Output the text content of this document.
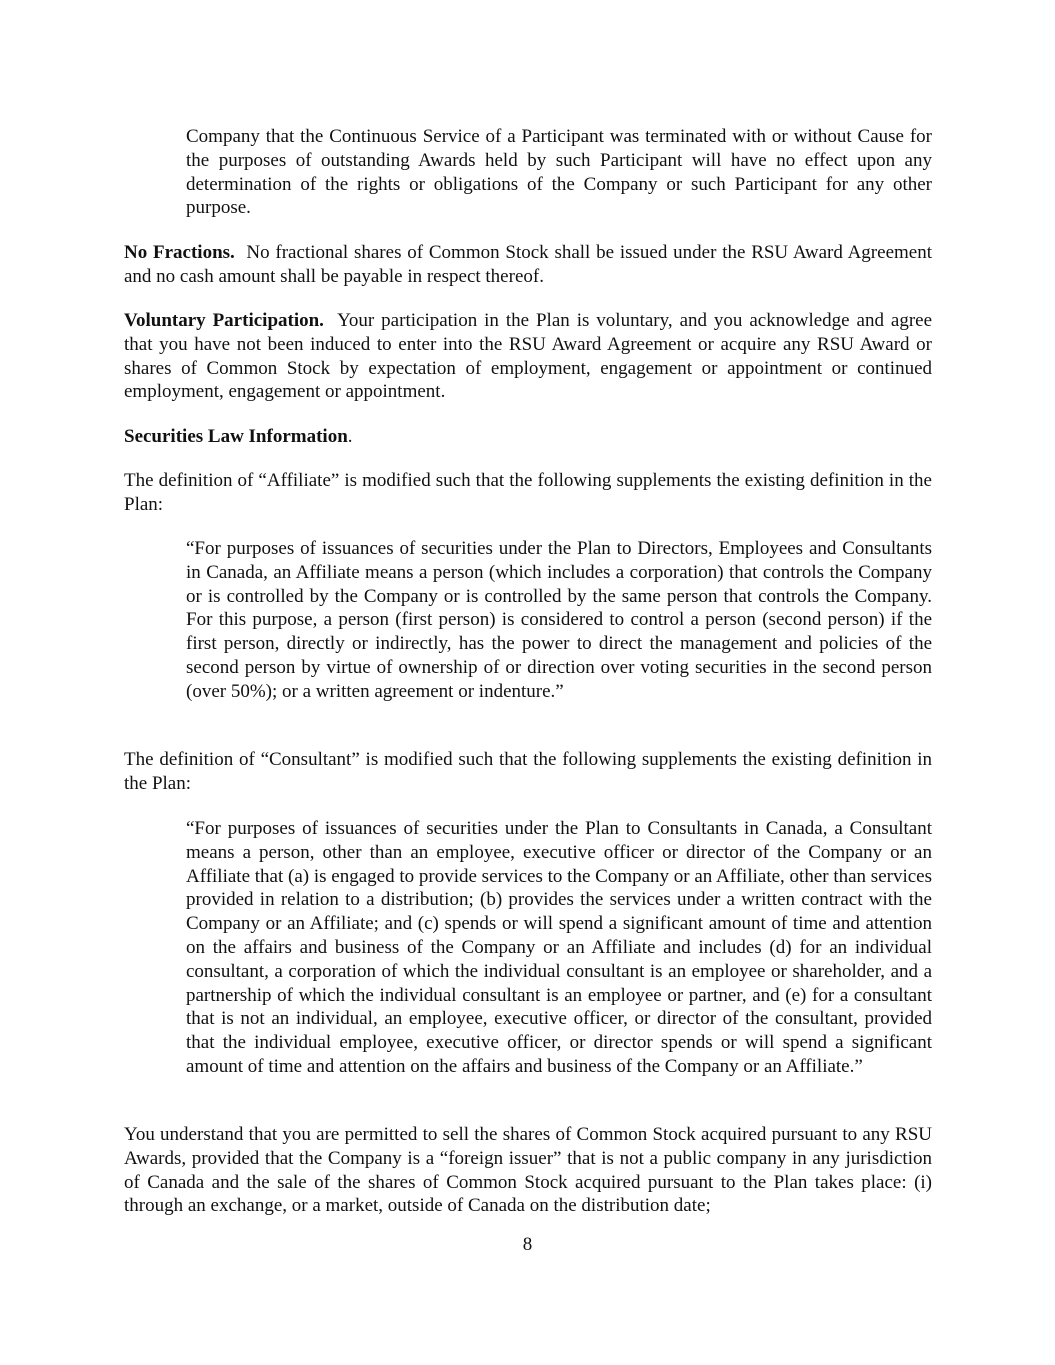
Company that the Continuous Service of a Participant was terminated with or without Cause for the purposes of outstanding Awards held by such Participant will have no effect upon any determination of the rights or obligations of the Company or such Participant for any other purpose.

No Fractions. No fractional shares of Common Stock shall be issued under the RSU Award Agreement and no cash amount shall be payable in respect thereof.

Voluntary Participation. Your participation in the Plan is voluntary, and you acknowledge and agree that you have not been induced to enter into the RSU Award Agreement or acquire any RSU Award or shares of Common Stock by expectation of employment, engagement or appointment or continued employment, engagement or appointment.

Securities Law Information.

The definition of “Affiliate” is modified such that the following supplements the existing definition in the Plan:

“For purposes of issuances of securities under the Plan to Directors, Employees and Consultants in Canada, an Affiliate means a person (which includes a corporation) that controls the Company or is controlled by the Company or is controlled by the same person that controls the Company. For this purpose, a person (first person) is considered to control a person (second person) if the first person, directly or indirectly, has the power to direct the management and policies of the second person by virtue of ownership of or direction over voting securities in the second person (over 50%); or a written agreement or indenture.”

The definition of “Consultant” is modified such that the following supplements the existing definition in the Plan:

“For purposes of issuances of securities under the Plan to Consultants in Canada, a Consultant means a person, other than an employee, executive officer or director of the Company or an Affiliate that (a) is engaged to provide services to the Company or an Affiliate, other than services provided in relation to a distribution; (b) provides the services under a written contract with the Company or an Affiliate; and (c) spends or will spend a significant amount of time and attention on the affairs and business of the Company or an Affiliate and includes (d) for an individual consultant, a corporation of which the individual consultant is an employee or shareholder, and a partnership of which the individual consultant is an employee or partner, and (e) for a consultant that is not an individual, an employee, executive officer, or director of the consultant, provided that the individual employee, executive officer, or director spends or will spend a significant amount of time and attention on the affairs and business of the Company or an Affiliate.”

You understand that you are permitted to sell the shares of Common Stock acquired pursuant to any RSU Awards, provided that the Company is a “foreign issuer” that is not a public company in any jurisdiction of Canada and the sale of the shares of Common Stock acquired pursuant to the Plan takes place: (i) through an exchange, or a market, outside of Canada on the distribution date;

8
